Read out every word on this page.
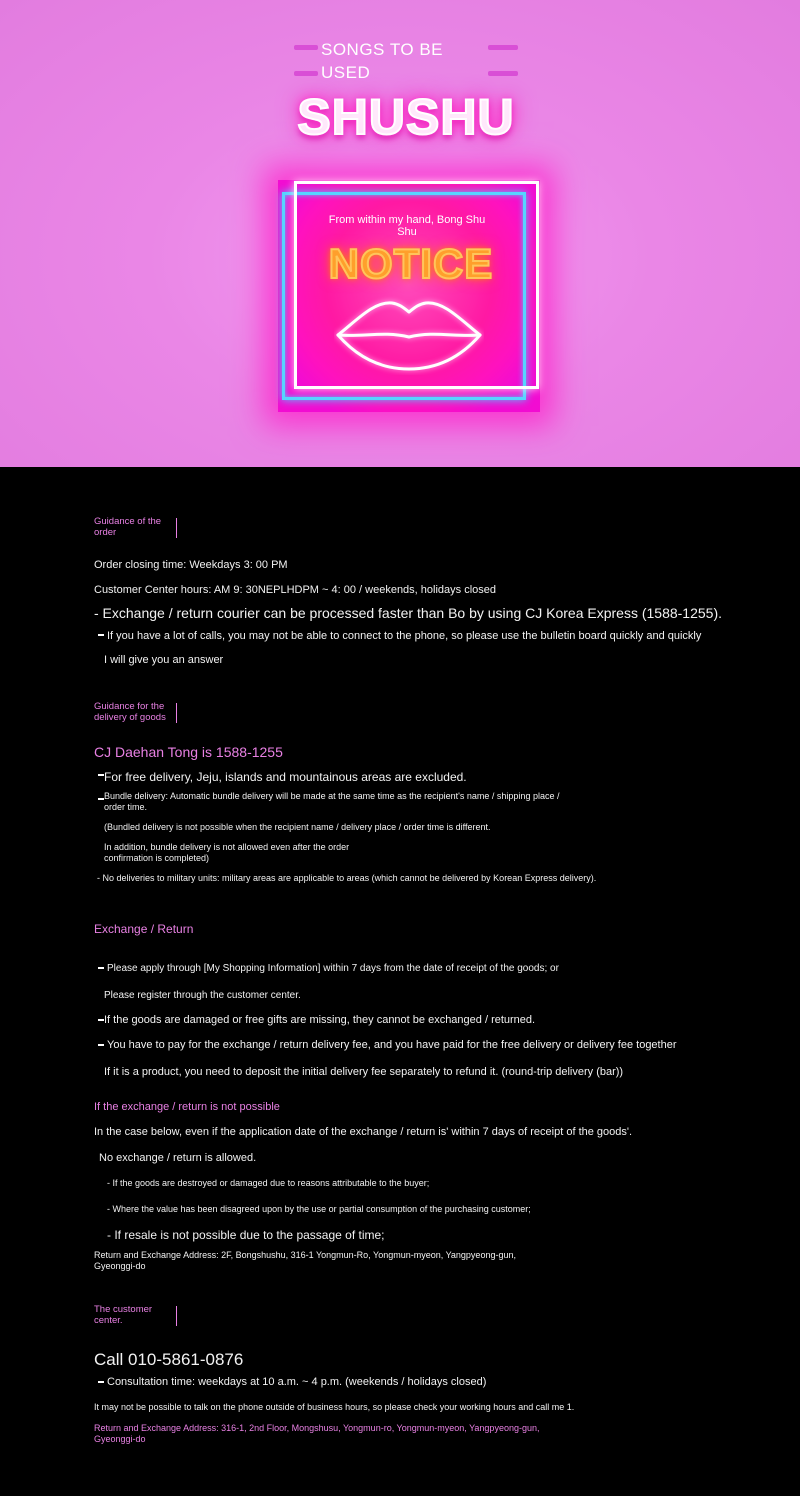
SONGS TO BE USED
SHUSHU
From within my hand, Bong Shu Shu
NOTICE
Guidance of the order
Order closing time: Weekdays 3: 00 PM
Customer Center hours: AM 9: 30NEPLHDPM ~ 4: 00 / weekends, holidays closed
- Exchange / return courier can be processed faster than Bo by using CJ Korea Express (1588-1255).
If you have a lot of calls, you may not be able to connect to the phone, so please use the bulletin board quickly and quickly
I will give you an answer
Guidance for the delivery of goods
CJ Daehan Tong is 1588-1255
For free delivery, Jeju, islands and mountainous areas are excluded.
Bundle delivery: Automatic bundle delivery will be made at the same time as the recipient's name / shipping place / order time.
(Bundled delivery is not possible when the recipient name / delivery place / order time is different.
In addition, bundle delivery is not allowed even after the order confirmation is completed)
- No deliveries to military units: military areas are applicable to areas (which cannot be delivered by Korean Express delivery).
Exchange / Return
Please apply through [My Shopping Information] within 7 days from the date of receipt of the goods; or
Please register through the customer center.
If the goods are damaged or free gifts are missing, they cannot be exchanged / returned.
You have to pay for the exchange / return delivery fee, and you have paid for the free delivery or delivery fee together
If it is a product, you need to deposit the initial delivery fee separately to refund it. (round-trip delivery (bar))
If the exchange / return is not possible
In the case below, even if the application date of the exchange / return is' within 7 days of receipt of the goods'.
No exchange / return is allowed.
- If the goods are destroyed or damaged due to reasons attributable to the buyer;
- Where the value has been disagreed upon by the use or partial consumption of the purchasing customer;
- If resale is not possible due to the passage of time;
Return and Exchange Address: 2F, Bongshushu, 316-1 Yongmun-Ro, Yongmun-myeon, Yangpyeong-gun, Gyeonggi-do
The customer center.
Call 010-5861-0876
Consultation time: weekdays at 10 a.m. ~ 4 p.m. (weekends / holidays closed)
It may not be possible to talk on the phone outside of business hours, so please check your working hours and call me 1.
Return and Exchange Address: 316-1, 2nd Floor, Mongshusu, Yongmun-ro, Yongmun-myeon, Yangpyeong-gun, Gyeonggi-do
